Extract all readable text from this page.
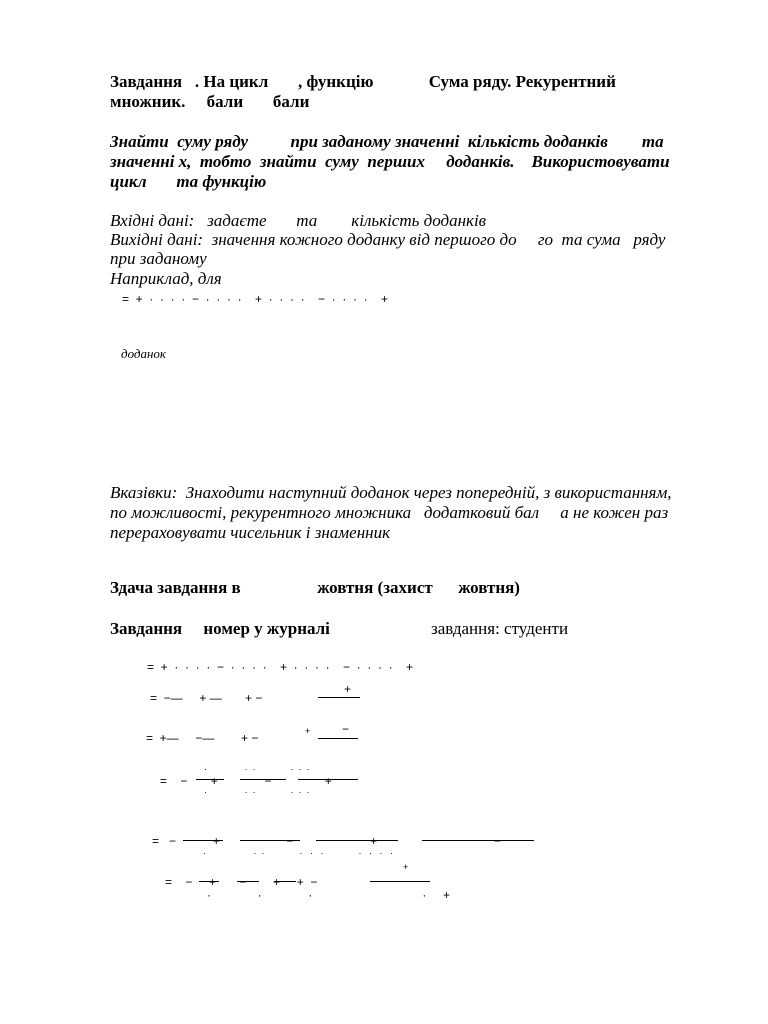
Завдання   . На цикл       , функцію             Сума ряду. Рекурентний
множник.     бали       бали
Знайти  суму ряду          при заданому значенні  кількість доданків        та
значенні х,  тобто  знайти  суму  перших     доданків.    Використовувати
цикл       та функцію
Вхідні дані:   задаєте       та        кількість доданків
Вихідні дані:  значення кожного доданку від першого до     го  та сума   ряду
при заданому
Наприклад, для
=  +  ·  ·  ·  ·  −  ·  ·  ·  ·    +  ·  ·  ·  ·    −  ·  ·  ·  ·    +
доданок
Вказівки:  Знаходити наступний доданок через попередній, з використанням,
по можливості, рекурентного множника   додатковий бал     а не кожен раз
перераховувати чисельник і знаменник
Здача завдання в                  жовтня (захист      жовтня)
Завдання     номер у журналі	завдання: студенти
=  +  ·  ·  ·  ·  −  ·  ·  ·  ·    +  ·  ·  ·  ·    −  ·  ·  ·  ·    +
=  −—     + —       + −
+
=  +—     −—        + −	+	−
=    −       +              −                +
·               ·  ·              ·  ·  ·
·               ·  ·              ·  ·  ·
=   −           +                    −                       +                                   −
·                   ·  ·              ·   ·   ·              ·   ·   ·   ·
=    −     +       −        +     +  −
+
·              ·              ·                                 ·     +
